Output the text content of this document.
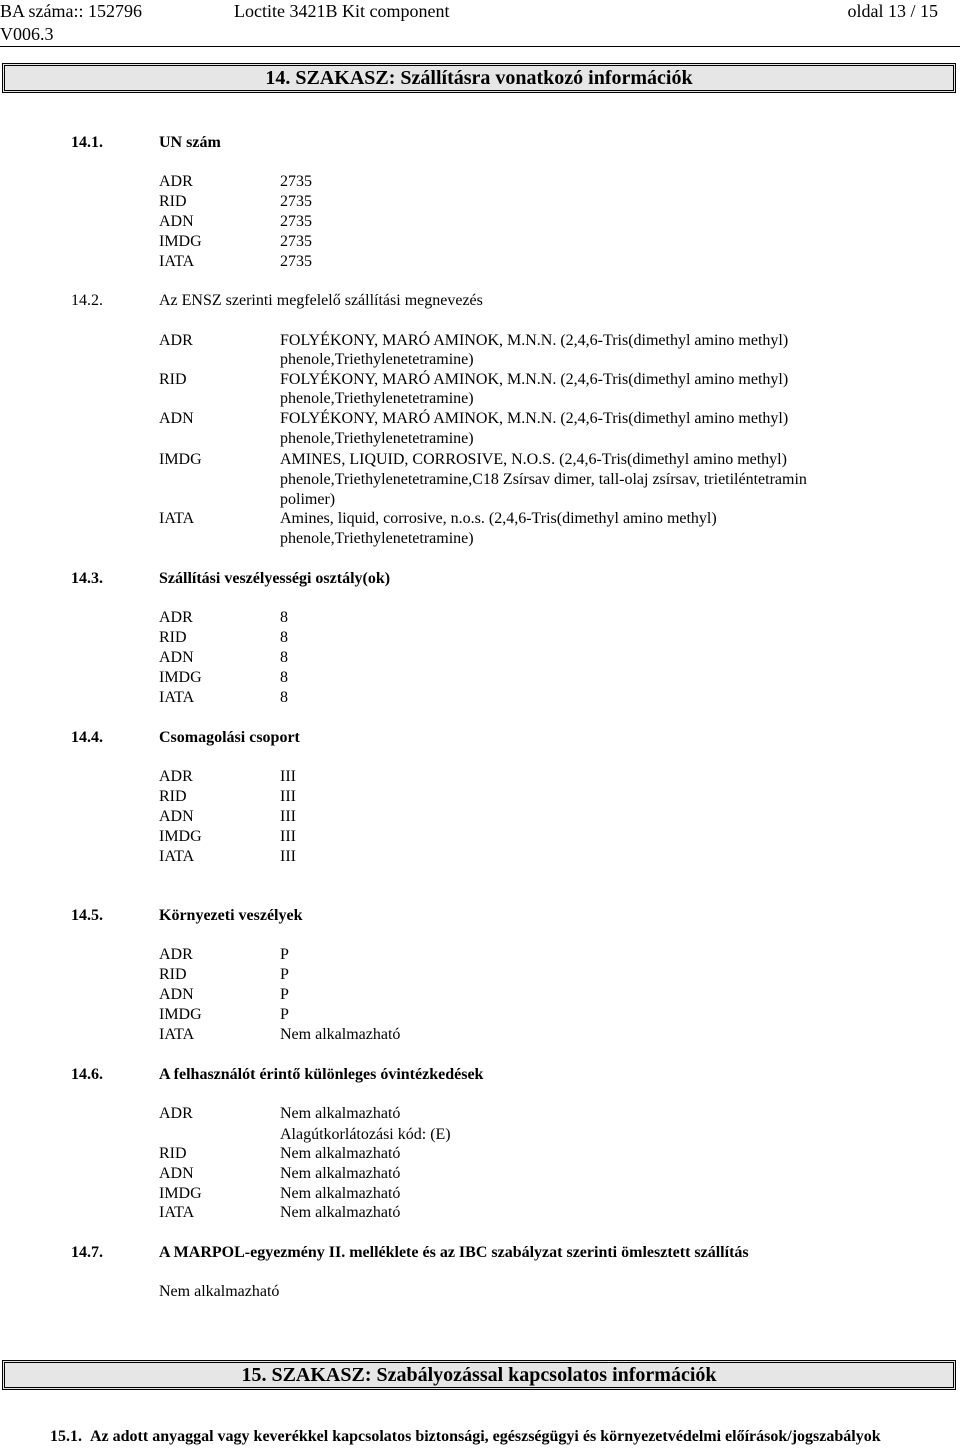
BA száma:: 152796
V006.3
Loctite 3421B Kit component	oldal 13 / 15
14. SZAKASZ: Szállításra vonatkozó információk
14.1.	UN szám
ADR	2735
RID	2735
ADN	2735
IMDG	2735
IATA	2735
14.2.	Az ENSZ szerinti megfelelő szállítási megnevezés
ADR	FOLYÉKONY, MARÓ AMINOK, M.N.N. (2,4,6-Tris(dimethyl amino methyl)
phenole,Triethylenetetramine)
RID	FOLYÉKONY, MARÓ AMINOK, M.N.N. (2,4,6-Tris(dimethyl amino methyl)
phenole,Triethylenetetramine)
ADN	FOLYÉKONY, MARÓ AMINOK, M.N.N. (2,4,6-Tris(dimethyl amino methyl)
phenole,Triethylenetetramine)
IMDG	AMINES, LIQUID, CORROSIVE, N.O.S. (2,4,6-Tris(dimethyl amino methyl)
phenole,Triethylenetetramine,C18 Zsírsav dimer, tall-olaj zsírsav, trietiléntetramin
polimer)
IATA	Amines, liquid, corrosive, n.o.s. (2,4,6-Tris(dimethyl amino methyl)
phenole,Triethylenetetramine)
14.3.	Szállítási veszélyességi osztály(ok)
ADR	8
RID	8
ADN	8
IMDG	8
IATA	8
14.4.	Csomagolási csoport
ADR	III
RID	III
ADN	III
IMDG	III
IATA	III
14.5.	Környezeti veszélyek
ADR	P
RID	P
ADN	P
IMDG	P
IATA	Nem alkalmazható
14.6.	A felhasználót érintő különleges óvintézkedések
ADR	Nem alkalmazható
Alagútkorlátozási kód: (E)
RID	Nem alkalmazható
ADN	Nem alkalmazható
IMDG	Nem alkalmazható
IATA	Nem alkalmazható
14.7.	A MARPOL-egyezmény II. melléklete és az IBC szabályzat szerinti ömlesztett szállítás
Nem alkalmazható
15. SZAKASZ: Szabályozással kapcsolatos információk
15.1. Az adott anyaggal vagy keverékkel kapcsolatos biztonsági, egészségügyi és környezetvédelmi előírások/jogszabályok
